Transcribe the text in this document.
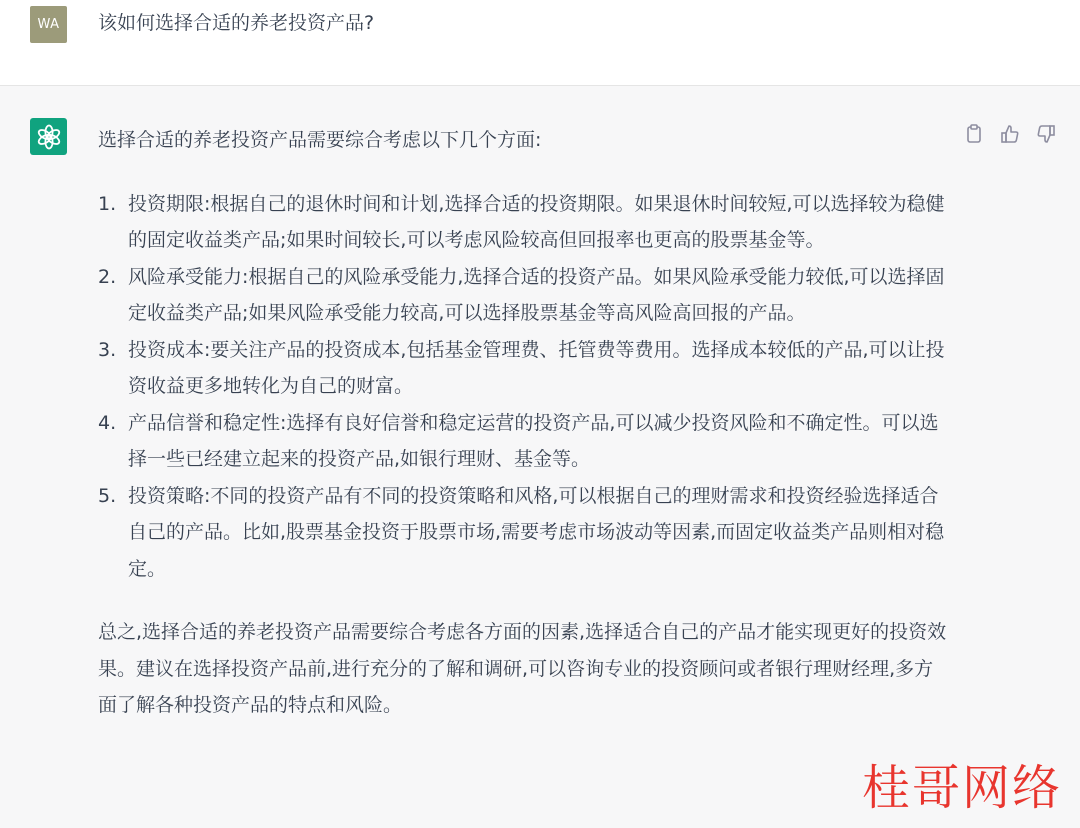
WA	该如何选择合适的养老投资产品?

选择合适的养老投资产品需要综合考虑以下几个方面:

1. 投资期限:根据自己的退休时间和计划,选择合适的投资期限。如果退休时间较短,可以选择较为稳健的固定收益类产品;如果时间较长,可以考虑风险较高但回报率也更高的股票基金等。
2. 风险承受能力:根据自己的风险承受能力,选择合适的投资产品。如果风险承受能力较低,可以选择固定收益类产品;如果风险承受能力较高,可以选择股票基金等高风险高回报的产品。
3. 投资成本:要关注产品的投资成本,包括基金管理费、托管费等费用。选择成本较低的产品,可以让投资收益更多地转化为自己的财富。
4. 产品信誉和稳定性:选择有良好信誉和稳定运营的投资产品,可以减少投资风险和不确定性。可以选择一些已经建立起来的投资产品,如银行理财、基金等。
5. 投资策略:不同的投资产品有不同的投资策略和风格,可以根据自己的理财需求和投资经验选择适合自己的产品。比如,股票基金投资于股票市场,需要考虑市场波动等因素,而固定收益类产品则相对稳定。

总之,选择合适的养老投资产品需要综合考虑各方面的因素,选择适合自己的产品才能实现更好的投资效果。建议在选择投资产品前,进行充分的了解和调研,可以咨询专业的投资顾问或者银行理财经理,多方面了解各种投资产品的特点和风险。

桂哥网络
